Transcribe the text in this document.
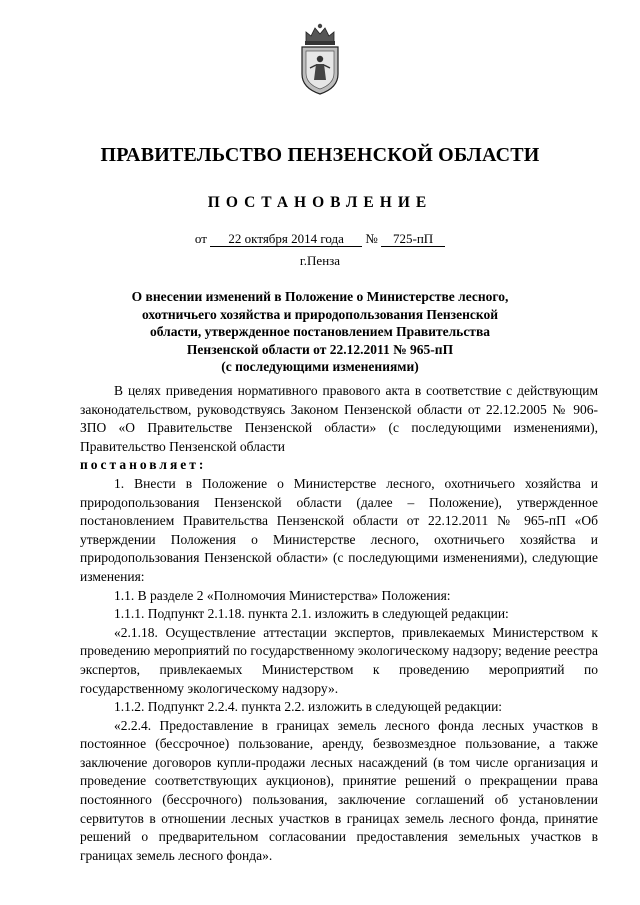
ПРАВИТЕЛЬСТВО ПЕНЗЕНСКОЙ ОБЛАСТИ
ПОСТАНОВЛЕНИЕ
от 22 октября 2014 года № 725-пП
г.Пенза
О внесении изменений в Положение о Министерстве лесного,
охотничьего хозяйства и природопользования Пензенской
области, утвержденное постановлением Правительства
Пензенской области от 22.12.2011 № 965-пП
(с последующими изменениями)

В целях приведения нормативного правового акта в соответствие с действующим законодательством, руководствуясь Законом Пензенской области от 22.12.2005 № 906-ЗПО «О Правительстве Пензенской области» (с последующими изменениями), Правительство Пензенской области

постановляет:

1. Внести в Положение о Министерстве лесного, охотничьего хозяйства и природопользования Пензенской области (далее – Положение), утвержденное постановлением Правительства Пензенской области от 22.12.2011 № 965-пП «Об утверждении Положения о Министерстве лесного, охотничьего хозяйства и природопользования Пензенской области» (с последующими изменениями), следующие изменения:

1.1. В разделе 2 «Полномочия Министерства» Положения:

1.1.1. Подпункт 2.1.18. пункта 2.1. изложить в следующей редакции:

«2.1.18. Осуществление аттестации экспертов, привлекаемых Министерством к проведению мероприятий по государственному экологическому надзору; ведение реестра экспертов, привлекаемых Министерством к проведению мероприятий по государственному экологическому надзору».

1.1.2. Подпункт 2.2.4. пункта 2.2. изложить в следующей редакции:

«2.2.4. Предоставление в границах земель лесного фонда лесных участков в постоянное (бессрочное) пользование, аренду, безвозмездное пользование, а также заключение договоров купли-продажи лесных насаждений (в том числе организация и проведение соответствующих аукционов), принятие решений о прекращении права постоянного (бессрочного) пользования, заключение соглашений об установлении сервитутов в отношении лесных участков в границах земель лесного фонда, принятие решений о предварительном согласовании предоставления земельных участков в границах земель лесного фонда».
